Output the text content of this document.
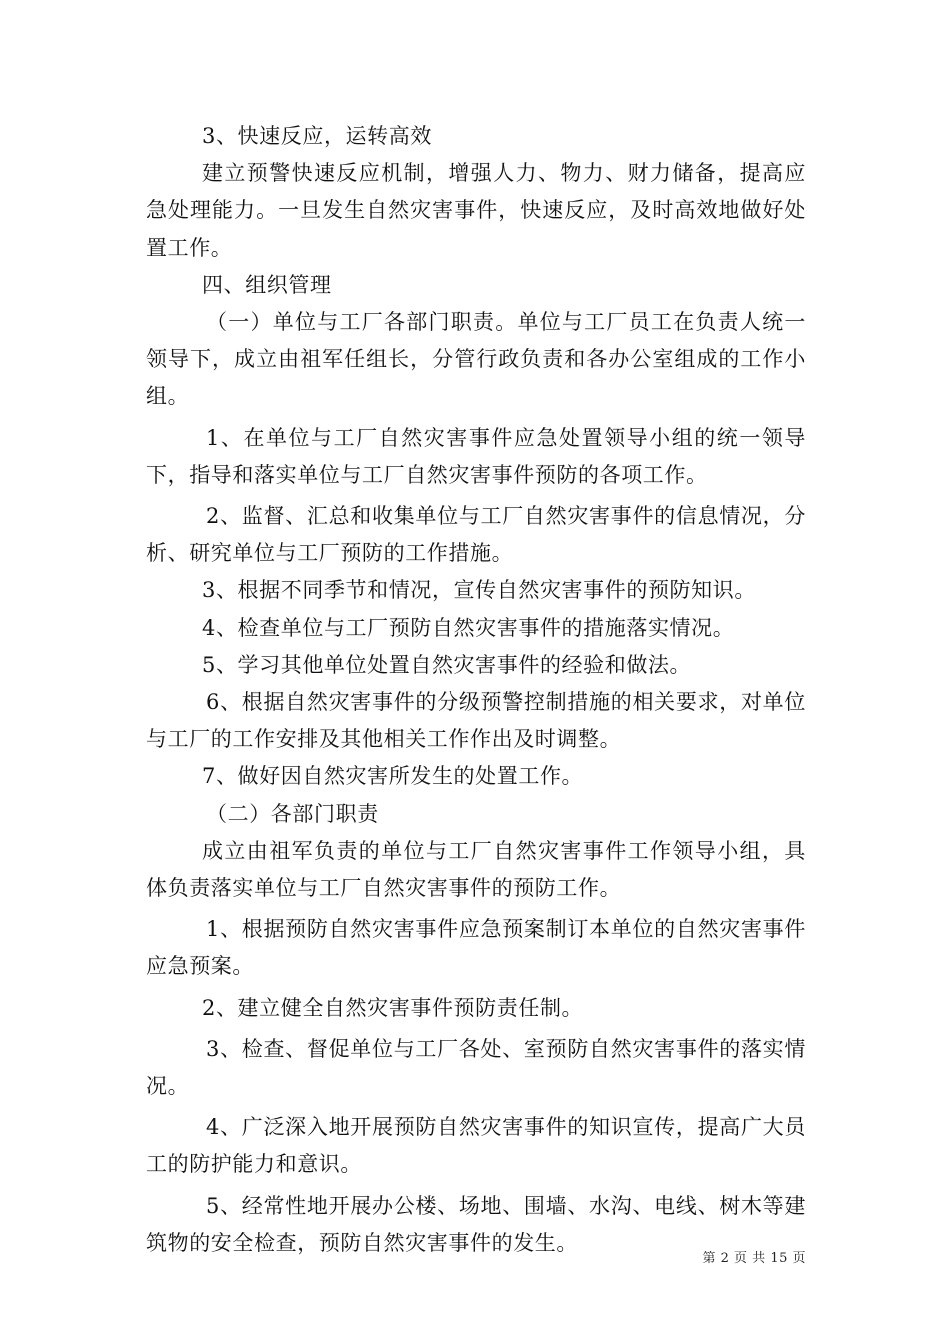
3、快速反应，运转高效

建立预警快速反应机制，增强人力、物力、财力储备，提高应急处理能力。一旦发生自然灾害事件，快速反应，及时高效地做好处置工作。

四、组织管理

（一）单位与工厂各部门职责。单位与工厂员工在负责人统一领导下，成立由祖军任组长，分管行政负责和各办公室组成的工作小组。

1、在单位与工厂自然灾害事件应急处置领导小组的统一领导下，指导和落实单位与工厂自然灾害事件预防的各项工作。

2、监督、汇总和收集单位与工厂自然灾害事件的信息情况，分析、研究单位与工厂预防的工作措施。

3、根据不同季节和情况，宣传自然灾害事件的预防知识。

4、检查单位与工厂预防自然灾害事件的措施落实情况。

5、学习其他单位处置自然灾害事件的经验和做法。

6、根据自然灾害事件的分级预警控制措施的相关要求，对单位与工厂的工作安排及其他相关工作作出及时调整。

7、做好因自然灾害所发生的处置工作。

（二）各部门职责

成立由祖军负责的单位与工厂自然灾害事件工作领导小组，具体负责落实单位与工厂自然灾害事件的预防工作。

1、根据预防自然灾害事件应急预案制订本单位的自然灾害事件应急预案。

2、建立健全自然灾害事件预防责任制。

3、检查、督促单位与工厂各处、室预防自然灾害事件的落实情况。

4、广泛深入地开展预防自然灾害事件的知识宣传，提高广大员工的防护能力和意识。

5、经常性地开展办公楼、场地、围墙、水沟、电线、树木等建筑物的安全检查，预防自然灾害事件的发生。

第 2 页 共 15 页
